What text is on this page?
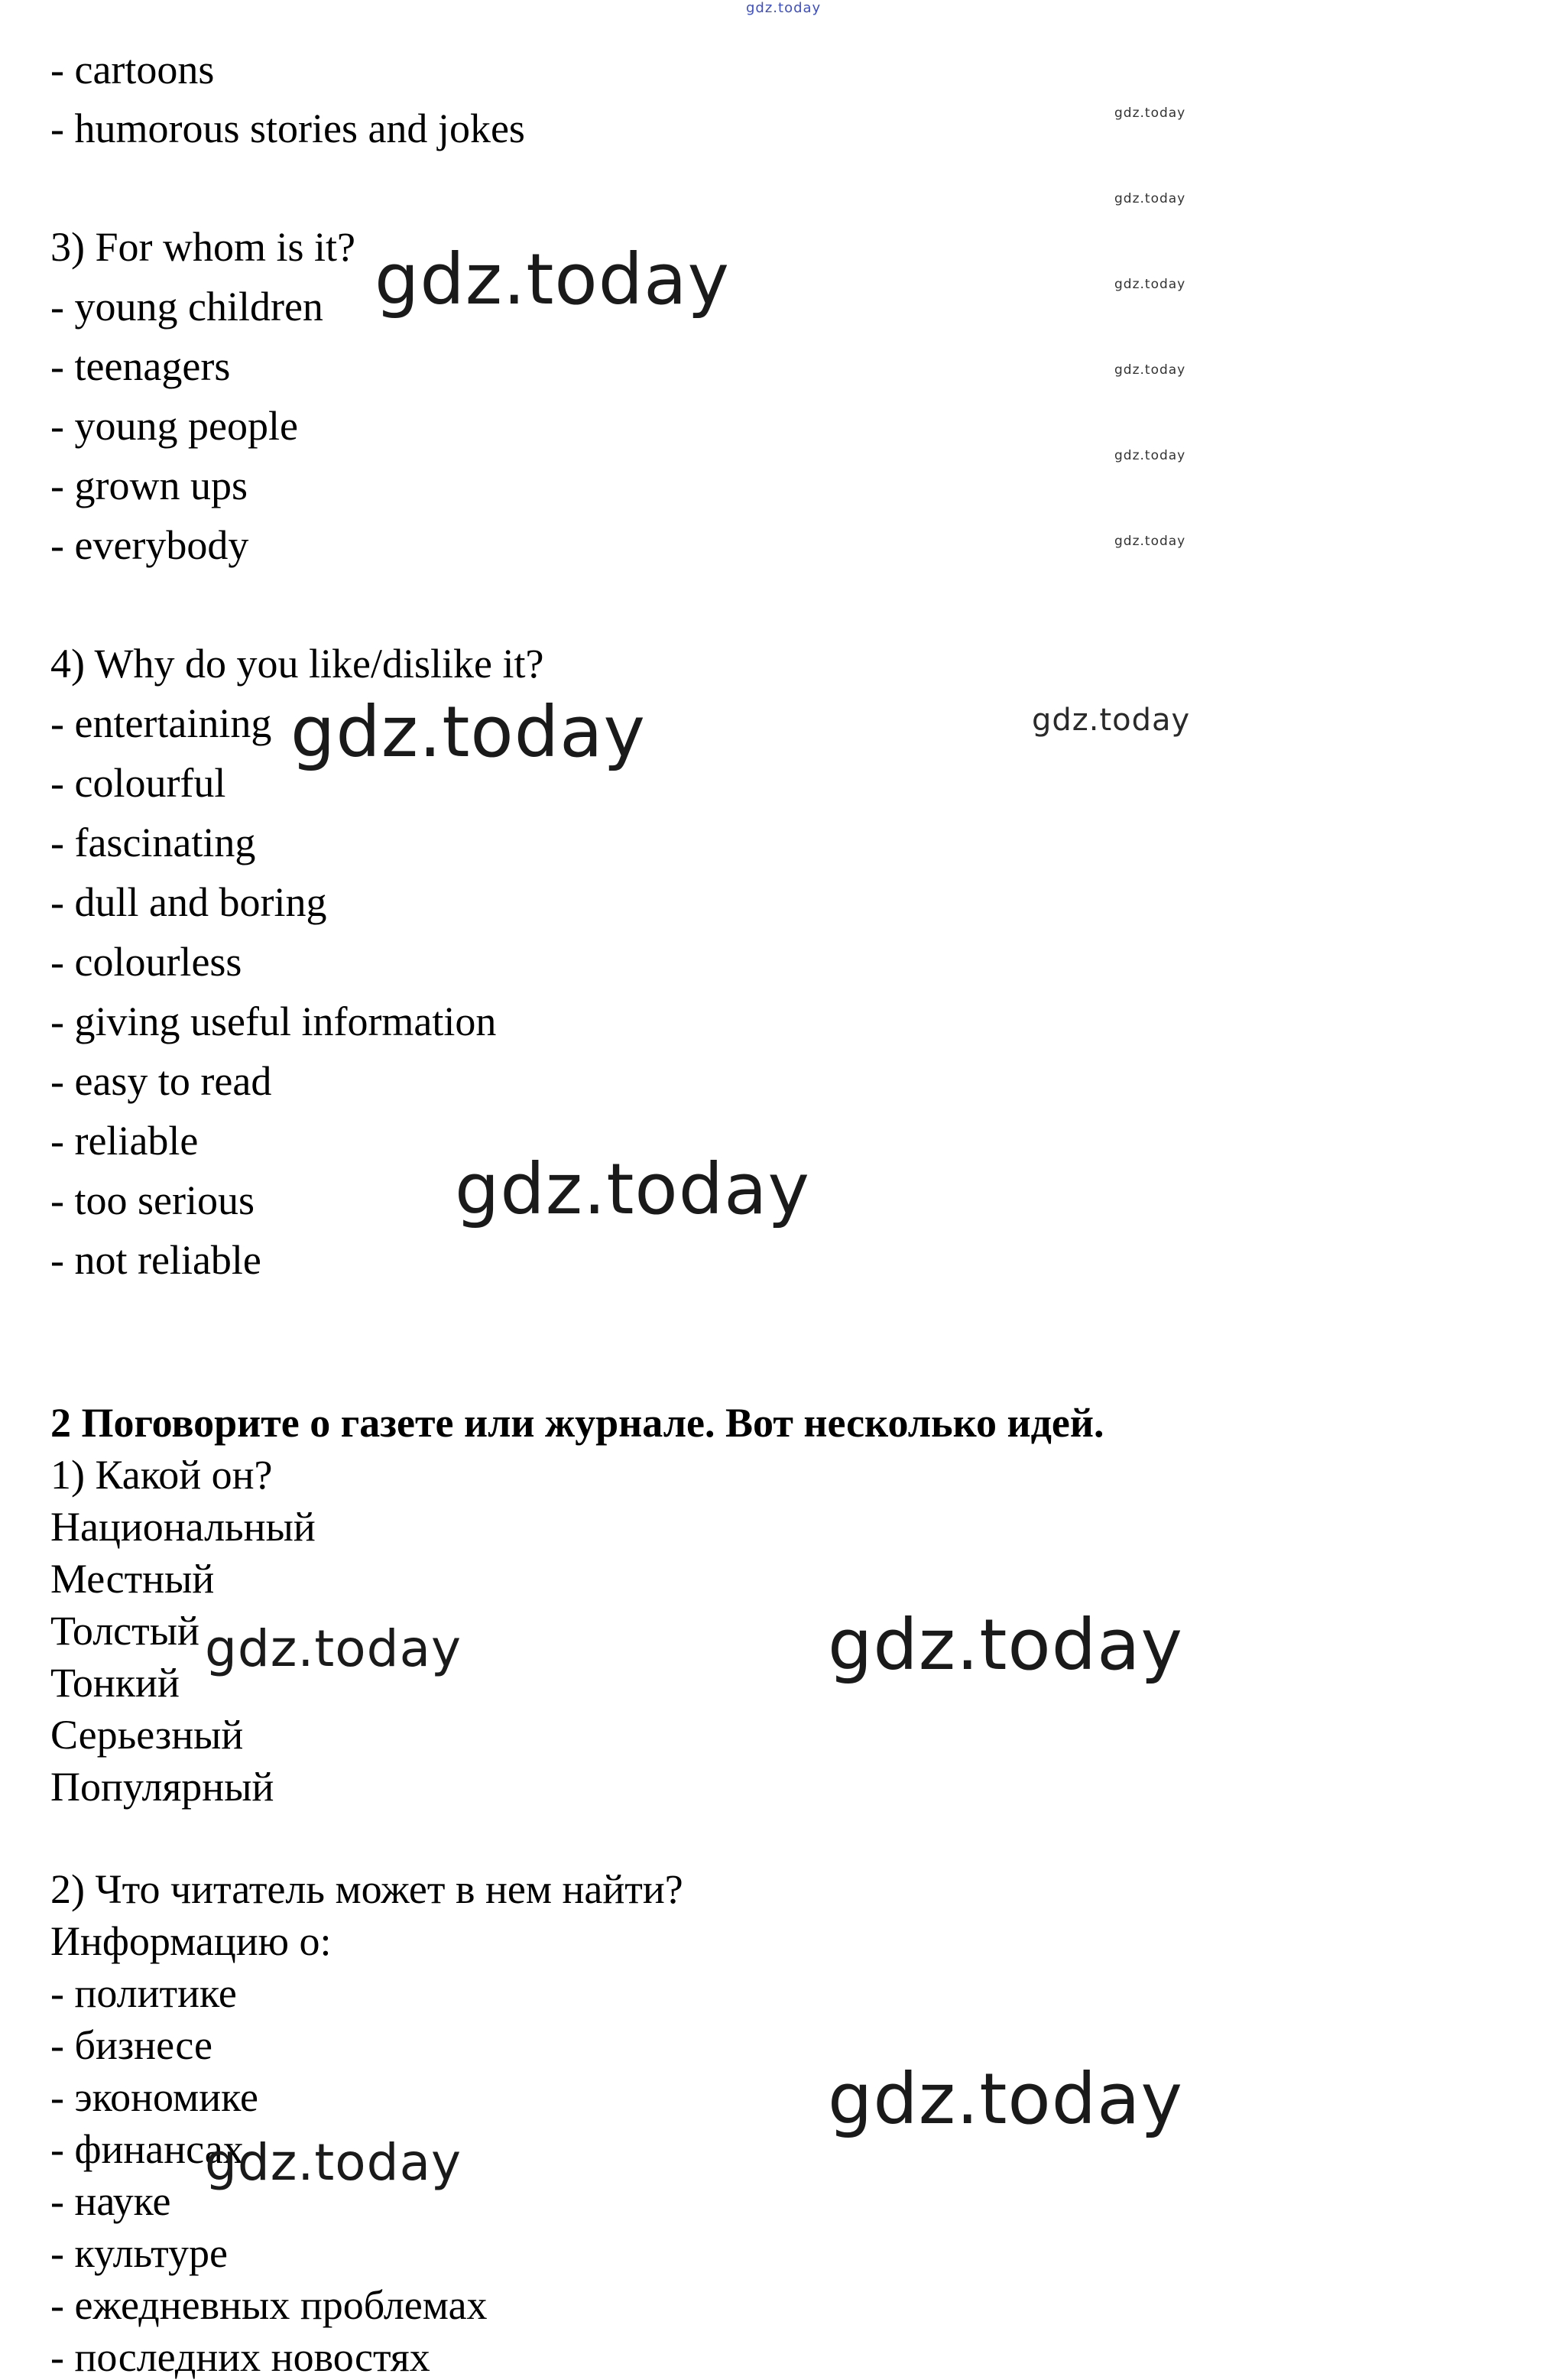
gdz.today
- cartoons
- humorous stories and jokes
3) For whom is it?
- young children
- teenagers
- young people
- grown ups
- everybody
4) Why do you like/dislike it?
- entertaining
- colourful
- fascinating
- dull and boring
- colourless
- giving useful information
- easy to read
- reliable
- too serious
- not reliable
2 Поговорите о газете или журнале. Вот несколько идей.
1) Какой он?
Национальный
Местный
Толстый
Тонкий
Серьезный
Популярный
2) Что читатель может в нем найти?
Информацию о:
- политике
- бизнесе
- экономике
- финансах
- науке
- культуре
- ежедневных проблемах
- последних новостях
gdz.today
gdz.today
gdz.today
gdz.today
gdz.today
gdz.today
gdz.today
gdz.today
gdz.today
gdz.today
gdz.today
gdz.today
gdz.today
gdz.today
